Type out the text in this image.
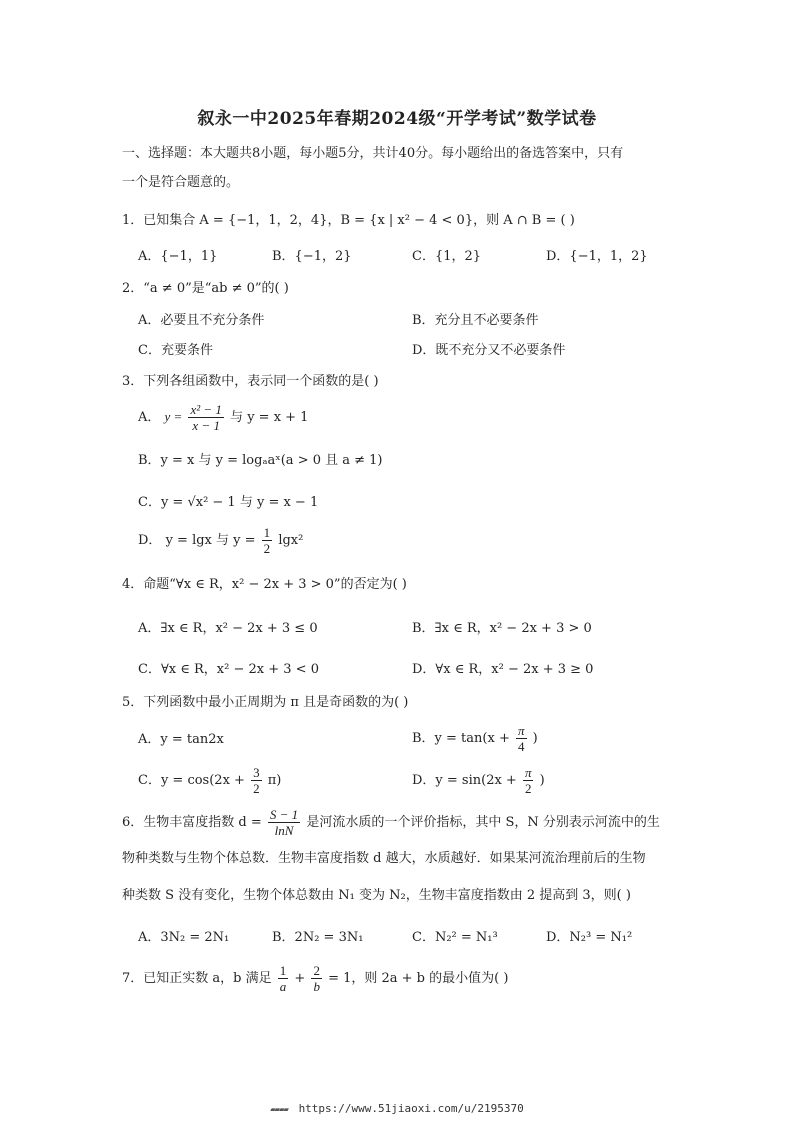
叙永一中2025年春期2024级“开学考试”数学试卷
一、选择题：本大题共8小题，每小题5分，共计40分。每小题给出的备选答案中，只有
一个是符合题意的。
1．已知集合 A = {−1，1，2，4}，B = {x | x² − 4 < 0}，则 A ∩ B = ( )
A．{−1，1}	B．{−1，2}	C．{1，2}	D．{−1，1，2}
2．“a ≠ 0”是“ab ≠ 0”的( )
A．必要且不充分条件	B．充分且不必要条件
C．充要条件	D．既不充分又不必要条件
3．下列各组函数中，表示同一个函数的是( )
A． $y = \frac{\text{x² − 1}}{x - 1}$ 与 y = x + 1
B．y = x 与 y = logₐaˣ(a > 0 且 a ≠ 1)
C．y = √x² − 1 与 y = x − 1
D． y = lgx 与 $y = \frac{1}{2} \lg x^2$
4．命题“∀x ∈ R，x² − 2x + 3 > 0”的否定为( )
A．∃x ∈ R，x² − 2x + 3 ≤ 0	B．∃x ∈ R，x² − 2x + 3 > 0
C．∀x ∈ R，x² − 2x + 3 < 0	D．∀x ∈ R，x² − 2x + 3 ≥ 0
5．下列函数中最小正周期为 π 且是奇函数的为( )
A．y = tan2x	B．$y = \tan(x + \frac{\pi}{4}$ )
C．$y = \cos(2x + \frac{3}{2} \pi)$	D．$y = \sin(2x + \frac{\pi}{2}$ )
6．生物丰富度指数 $d = \frac{S - 1}{\ln N}$ 是河流水质的一个评价指标，其中 S，N 分别表示河流中的生
物种类数与生物个体总数．生物丰富度指数 d 越大，水质越好．如果某河流治理前后的生物
种类数 S 没有变化，生物个体总数由 N₁ 变为 N₂，生物丰富度指数由 2 提高到 3，则( )
A．3N₂ = 2N₁	B．2N₂ = 3N₁	C．N₂² = N₁³	D．N₂³ = N₁²
7．已知正实数 a，b 满足 $\frac{1}{a} + \frac{2}{b} = 1$，则 2a + b 的最小值为( )
▰▰▰▰ https://www.51jiaoxi.com/u/2195370
